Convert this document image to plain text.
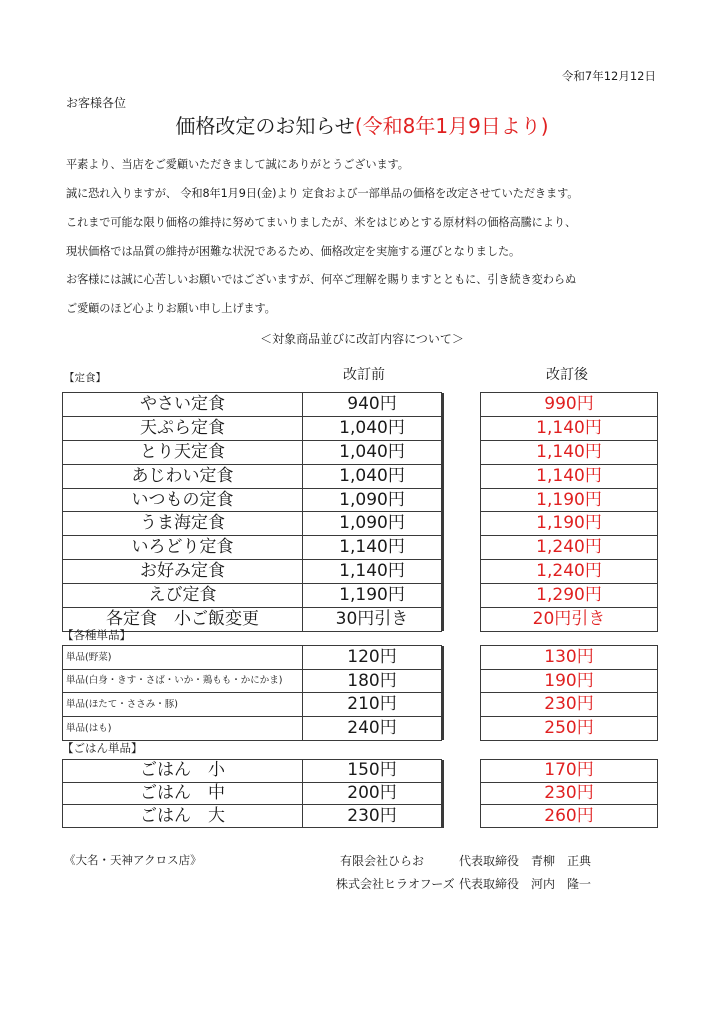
令和7年12月12日
お客様各位
価格改定のお知らせ(令和8年1月9日より)
平素より、当店をご愛顧いただきまして誠にありがとうございます。
誠に恐れ入りますが、 令和8年1月9日(金)より 定食および一部単品の価格を改定させていただきます。
これまで可能な限り価格の維持に努めてまいりましたが、米をはじめとする原材料の価格高騰により、
現状価格では品質の維持が困難な状況であるため、価格改定を実施する運びとなりました。
お客様には誠に心苦しいお願いではございますが、何卒ご理解を賜りますとともに、引き続き変わらぬ
ご愛顧のほど心よりお願い申し上げます。
＜対象商品並びに改訂内容について＞
【定食】	改訂前	改訂後
やさい定食	940円	990円
天ぷら定食	1,040円	1,140円
とり天定食	1,040円	1,140円
あじわい定食	1,040円	1,140円
いつもの定食	1,090円	1,190円
うま海定食	1,090円	1,190円
いろどり定食	1,140円	1,240円
お好み定食	1,140円	1,240円
えび定食	1,190円	1,290円
各定食　小ご飯変更	30円引き	20円引き
【各種単品】
単品(野菜)	120円	130円
単品(白身・きす・さば・いか・鶏もも・かにかま)	180円	190円
単品(ほたて・ささみ・豚)	210円	230円
単品(はも)	240円	250円
【ごはん単品】
ごはん　小	150円	170円
ごはん　中	200円	230円
ごはん　大	230円	260円
《大名・天神アクロス店》	有限会社ひらお	代表取締役　青柳　正典
株式会社ヒラオフーズ 代表取締役　河内　隆一
